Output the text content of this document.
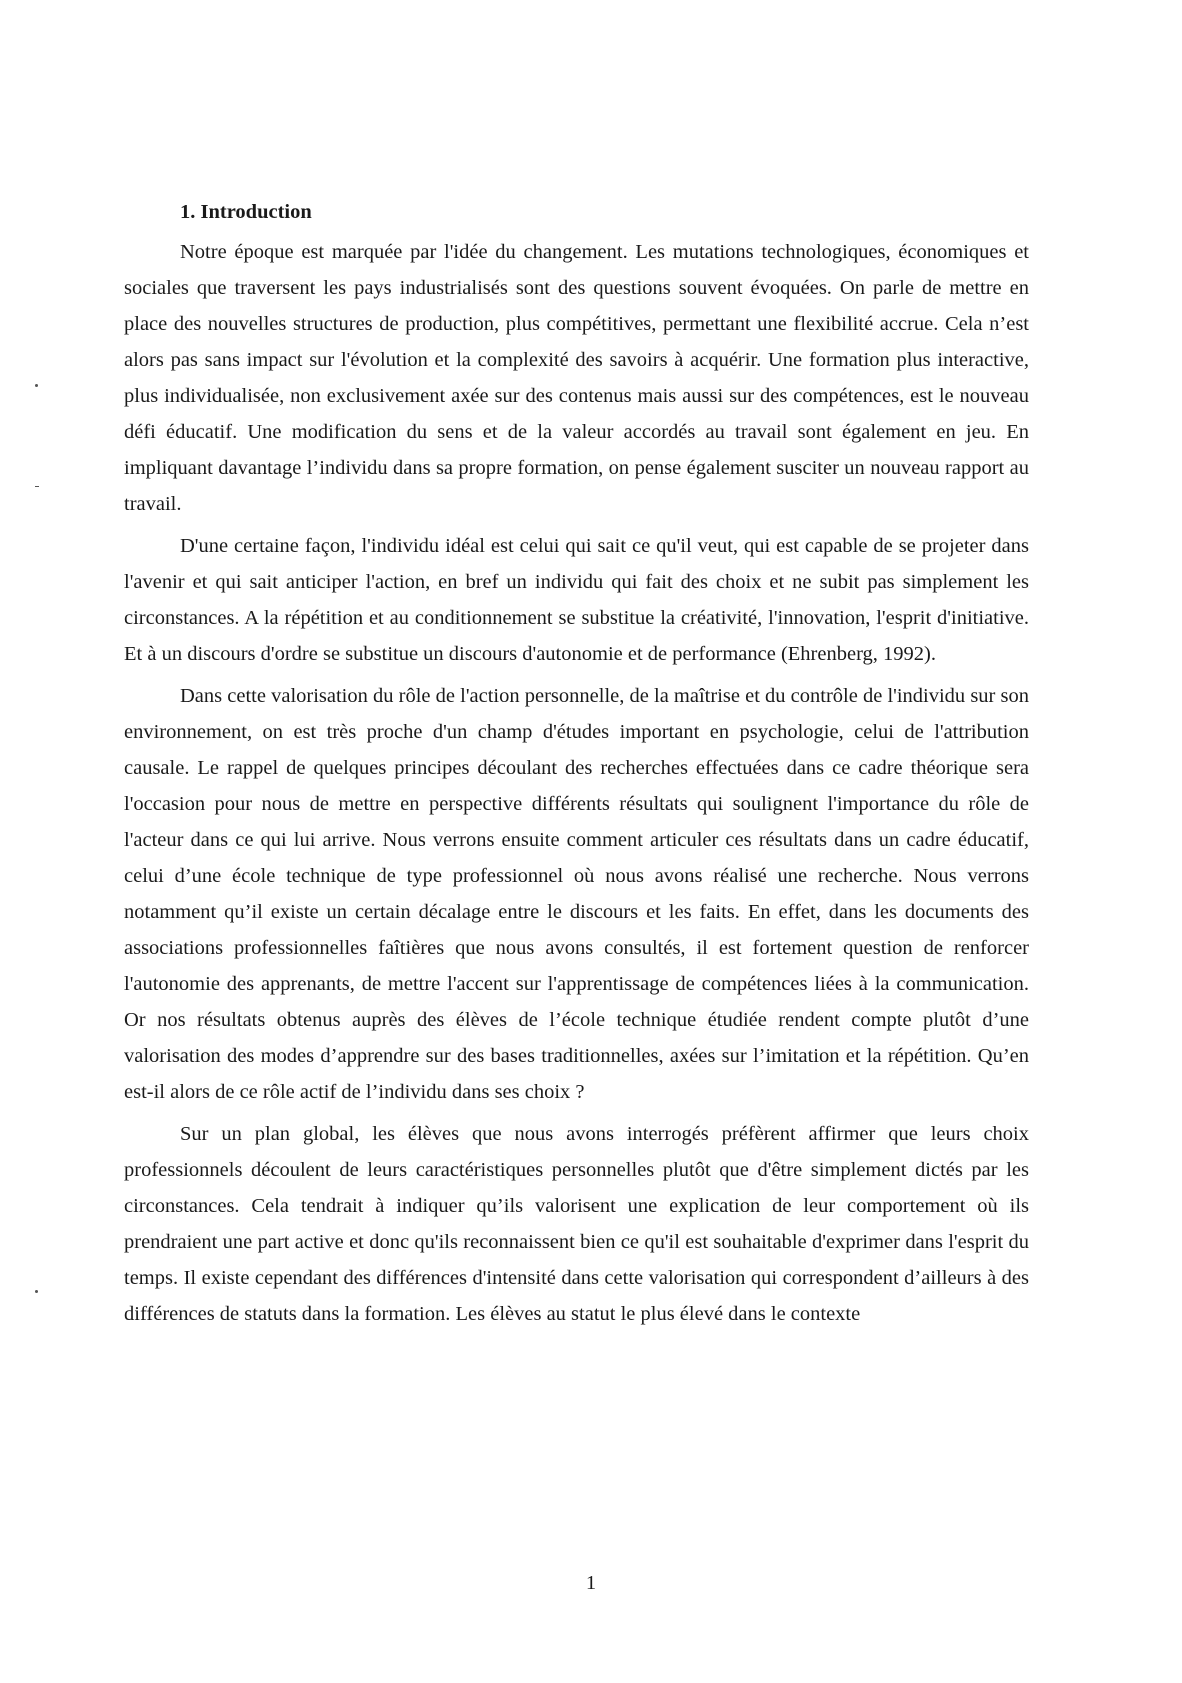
1. Introduction

Notre époque est marquée par l'idée du changement. Les mutations technologiques, économiques et sociales que traversent les pays industrialisés sont des questions souvent évoquées. On parle de mettre en place des nouvelles structures de production, plus compétitives, permettant une flexibilité accrue. Cela n’est alors pas sans impact sur l'évolution et la complexité des savoirs à acquérir. Une formation plus interactive, plus individualisée, non exclusivement axée sur des contenus mais aussi sur des compétences, est le nouveau défi éducatif. Une modification du sens et de la valeur accordés au travail sont également en jeu. En impliquant davantage l’individu dans sa propre formation, on pense également susciter un nouveau rapport au travail.

D'une certaine façon, l'individu idéal est celui qui sait ce qu'il veut, qui est capable de se projeter dans l'avenir et qui sait anticiper l'action, en bref un individu qui fait des choix et ne subit pas simplement les circonstances. A la répétition et au conditionnement se substitue la créativité, l'innovation, l'esprit d'initiative. Et à un discours d'ordre se substitue un discours d'autonomie et de performance (Ehrenberg, 1992).

Dans cette valorisation du rôle de l'action personnelle, de la maîtrise et du contrôle de l'individu sur son environnement, on est très proche d'un champ d'études important en psychologie, celui de l'attribution causale. Le rappel de quelques principes découlant des recherches effectuées dans ce cadre théorique sera l'occasion pour nous de mettre en perspective différents résultats qui soulignent l'importance du rôle de l'acteur dans ce qui lui arrive. Nous verrons ensuite comment articuler ces résultats dans un cadre éducatif, celui d’une école technique de type professionnel où nous avons réalisé une recherche. Nous verrons notamment qu’il existe un certain décalage entre le discours et les faits. En effet, dans les documents des associations professionnelles faîtières que nous avons consultés, il est fortement question de renforcer l'autonomie des apprenants, de mettre l'accent sur l'apprentissage de compétences liées à la communication. Or nos résultats obtenus auprès des élèves de l’école technique étudiée rendent compte plutôt d’une valorisation des modes d’apprendre sur des bases traditionnelles, axées sur l’imitation et la répétition. Qu’en est-il alors de ce rôle actif de l’individu dans ses choix ?

Sur un plan global, les élèves que nous avons interrogés préfèrent affirmer que leurs choix professionnels découlent de leurs caractéristiques personnelles plutôt que d'être simplement dictés par les circonstances. Cela tendrait à indiquer qu’ils valorisent une explication de leur comportement où ils prendraient une part active et donc qu'ils reconnaissent bien ce qu'il est souhaitable d'exprimer dans l'esprit du temps. Il existe cependant des différences d'intensité dans cette valorisation qui correspondent d’ailleurs à des différences de statuts dans la formation. Les élèves au statut le plus élevé dans le contexte

1
